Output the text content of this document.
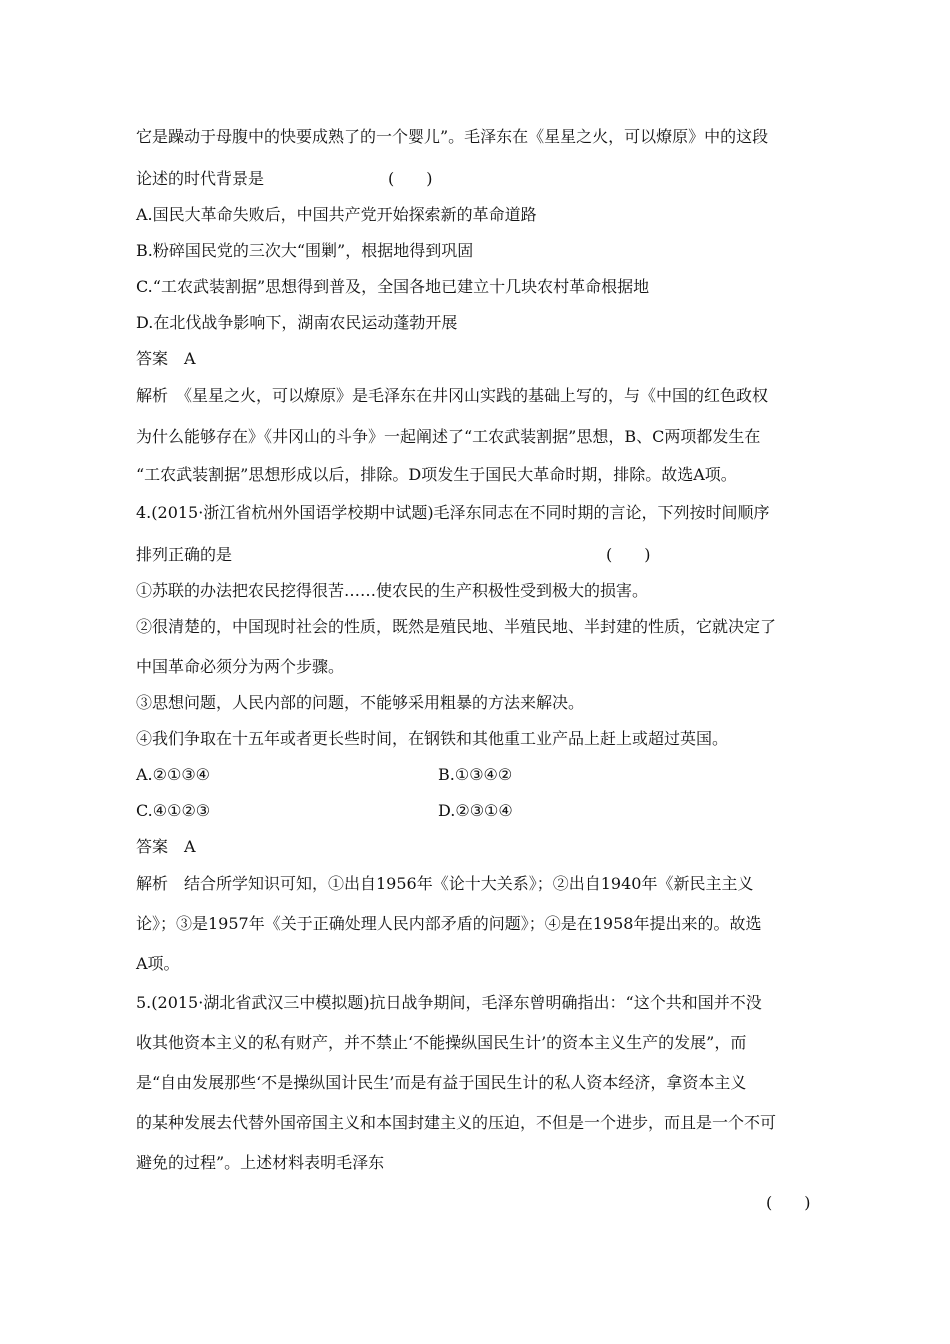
它是躁动于母腹中的快要成熟了的一个婴儿”。毛泽东在《星星之火，可以燎原》中的这段
论述的时代背景是	(　　)
A.国民大革命失败后，中国共产党开始探索新的革命道路
B.粉碎国民党的三次大“围剿”，根据地得到巩固
C.“工农武装割据”思想得到普及，全国各地已建立十几块农村革命根据地
D.在北伐战争影响下，湖南农民运动蓬勃开展
答案　A
解析　《星星之火，可以燎原》是毛泽东在井冈山实践的基础上写的，与《中国的红色政权
为什么能够存在》《井冈山的斗争》一起阐述了“工农武装割据”思想，B、C两项都发生在
“工农武装割据”思想形成以后，排除。D项发生于国民大革命时期，排除。故选A项。
4.(2015·浙江省杭州外国语学校期中试题)毛泽东同志在不同时期的言论，下列按时间顺序
排列正确的是	(　　)
①苏联的办法把农民挖得很苦……使农民的生产积极性受到极大的损害。
②很清楚的，中国现时社会的性质，既然是殖民地、半殖民地、半封建的性质，它就决定了
中国革命必须分为两个步骤。
③思想问题，人民内部的问题，不能够采用粗暴的方法来解决。
④我们争取在十五年或者更长些时间，在钢铁和其他重工业产品上赶上或超过英国。
A.②①③④	B.①③④②
C.④①②③	D.②③①④
答案　A
解析　结合所学知识可知，①出自1956年《论十大关系》；②出自1940年《新民主主义
论》；③是1957年《关于正确处理人民内部矛盾的问题》；④是在1958年提出来的。故选
A项。
5.(2015·湖北省武汉三中模拟题)抗日战争期间，毛泽东曾明确指出：“这个共和国并不没
收其他资本主义的私有财产，并不禁止‘不能操纵国民生计’的资本主义生产的发展”，而
是“自由发展那些‘不是操纵国计民生’而是有益于国民生计的私人资本经济，拿资本主义
的某种发展去代替外国帝国主义和本国封建主义的压迫，不但是一个进步，而且是一个不可
避免的过程”。上述材料表明毛泽东
(　　)
